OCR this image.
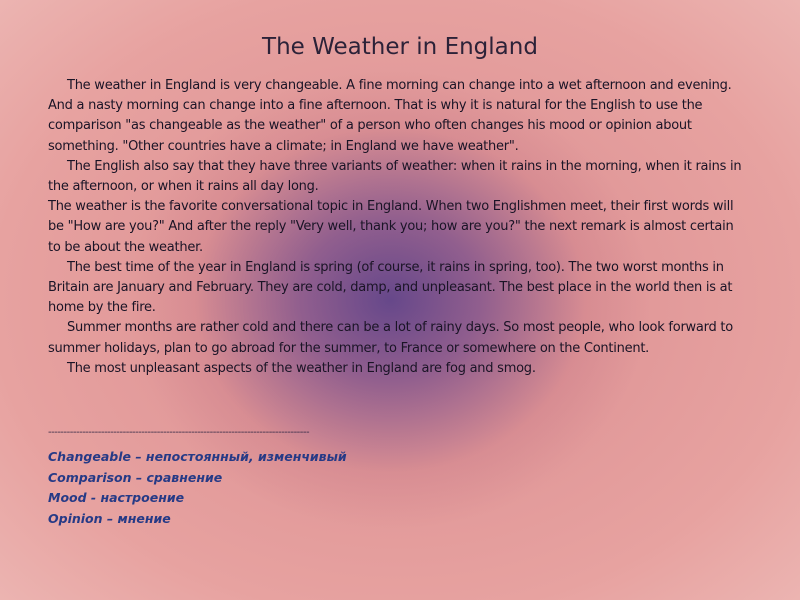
The Weather in England

The weather in England is very changeable. A fine morning can change into a wet afternoon and evening. And a nasty morning can change into a fine afternoon. That is why it is natural for the English to use the comparison "as changeable as the weather" of a person who often changes his mood or opinion about something. "Other countries have a climate; in England we have weather".

The English also say that they have three variants of weather: when it rains in the morning, when it rains in the afternoon, or when it rains all day long.

The weather is the favorite conversational topic in England. When two Englishmen meet, their first words will be "How are you?" And after the reply "Very well, thank you; how are you?" the next remark is almost certain to be about the weather.

The best time of the year in England is spring (of course, it rains in spring, too). The two worst months in Britain are January and February. They are cold, damp, and unpleasant. The best place in the world then is at home by the fire.

Summer months are rather cold and there can be a lot of rainy days. So most people, who look forward to summer holidays, plan to go abroad for the summer, to France or somewhere on the Continent.

The most unpleasant aspects of the weather in England are fog and smog.

------------------------------------------------------------------------------------
Changeable – непостоянный, изменчивый
Comparison – сравнение
Mood - настроение
Opinion – мнение
